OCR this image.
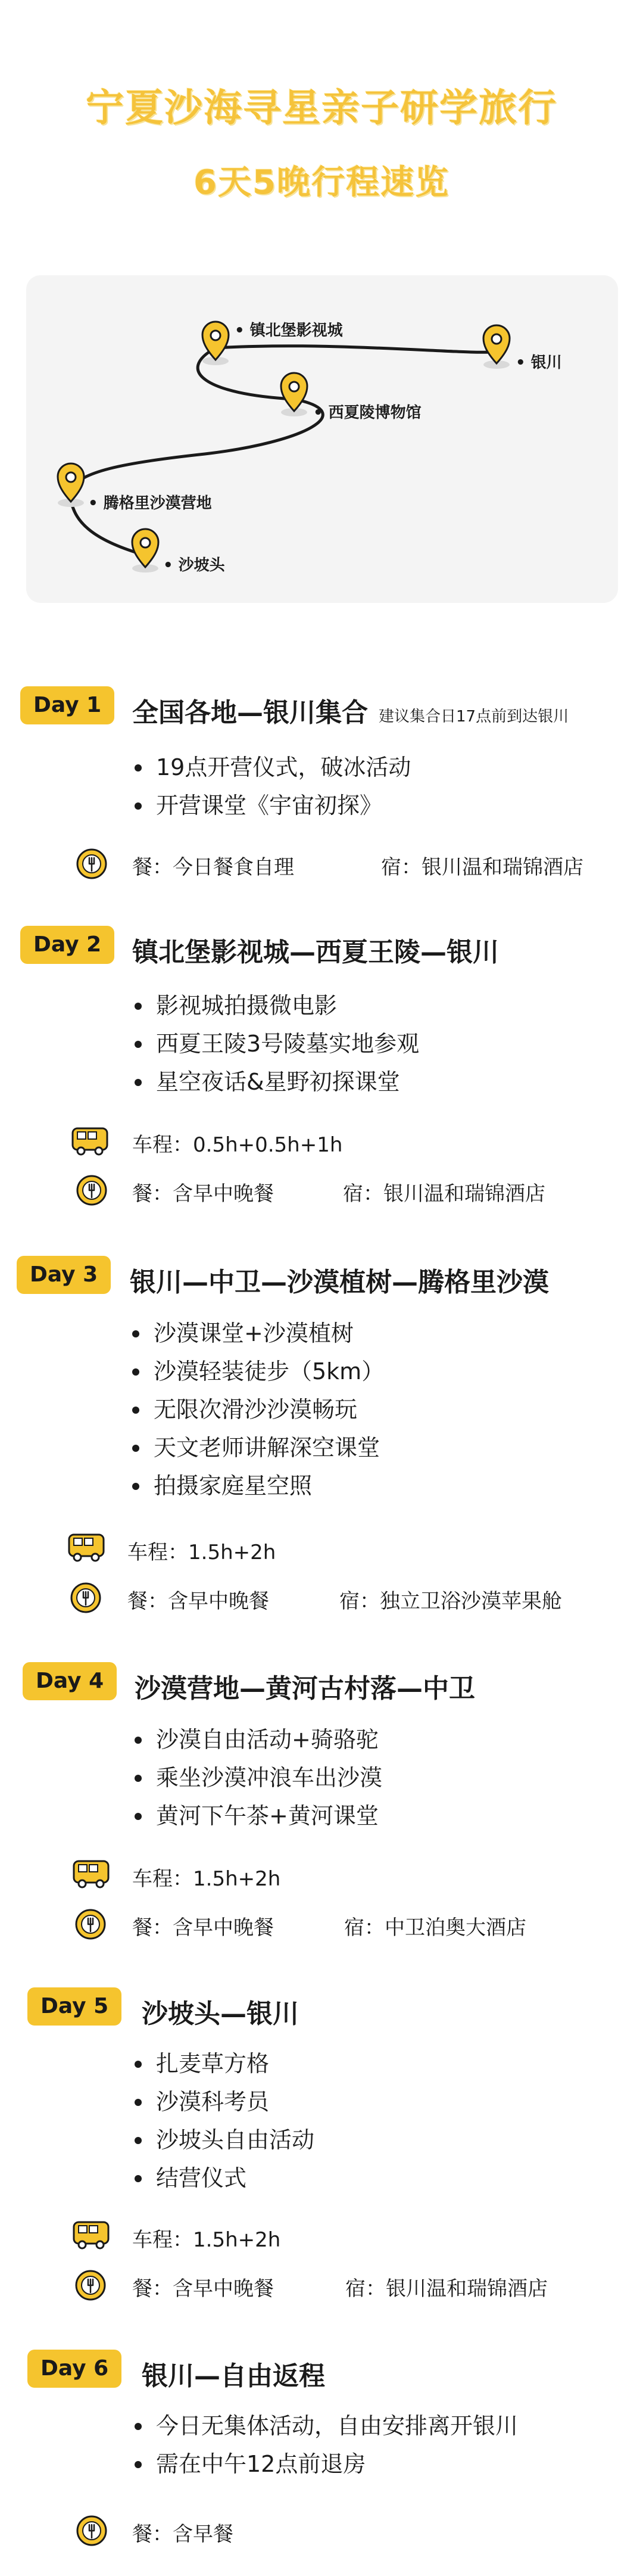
宁夏沙海寻星亲子研学旅行
6天5晚行程速览
• 镇北堡影视城
• 银川
• 西夏陵博物馆
• 腾格里沙漠营地
• 沙坡头
Day 1	全国各地—银川集合 建议集合日17点前到达银川
19点开营仪式，破冰活动
开营课堂《宇宙初探》
餐：今日餐食自理	宿：银川温和瑞锦酒店
Day 2	镇北堡影视城—西夏王陵—银川
影视城拍摄微电影
西夏王陵3号陵墓实地参观
星空夜话&星野初探课堂
车程：0.5h+0.5h+1h
餐：含早中晚餐	宿：银川温和瑞锦酒店
Day 3	银川—中卫—沙漠植树—腾格里沙漠
沙漠课堂+沙漠植树
沙漠轻装徒步（5km）
无限次滑沙沙漠畅玩
天文老师讲解深空课堂
拍摄家庭星空照
车程：1.5h+2h
餐：含早中晚餐	宿：独立卫浴沙漠苹果舱
Day 4	沙漠营地—黄河古村落—中卫
沙漠自由活动+骑骆驼
乘坐沙漠冲浪车出沙漠
黄河下午茶+黄河课堂
车程：1.5h+2h
餐：含早中晚餐	宿：中卫泊奥大酒店
Day 5	沙坡头—银川
扎麦草方格
沙漠科考员
沙坡头自由活动
结营仪式
车程：1.5h+2h
餐：含早中晚餐	宿：银川温和瑞锦酒店
Day 6	银川—自由返程
今日无集体活动，自由安排离开银川
需在中午12点前退房
餐：含早餐
